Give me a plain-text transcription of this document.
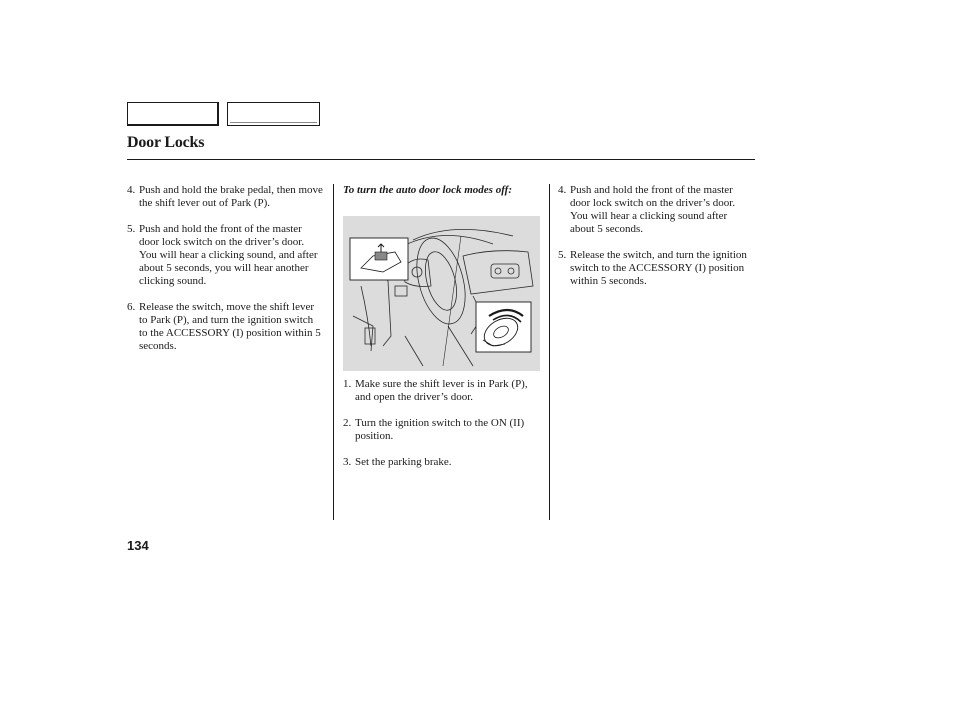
Door Locks
4. Push and hold the brake pedal, then move the shift lever out of Park (P).
5. Push and hold the front of the master door lock switch on the driver’s door. You will hear a clicking sound, and after about 5 seconds, you will hear another clicking sound.
6. Release the switch, move the shift lever to Park (P), and turn the ignition switch to the ACCESSORY (I) position within 5 seconds.

To turn the auto door lock modes off:

1. Make sure the shift lever is in Park (P), and open the driver’s door.
2. Turn the ignition switch to the ON (II) position.
3. Set the parking brake.
4. Push and hold the front of the master door lock switch on the driver’s door. You will hear a clicking sound after about 5 seconds.
5. Release the switch, and turn the ignition switch to the ACCESSORY (I) position within 5 seconds.
134
